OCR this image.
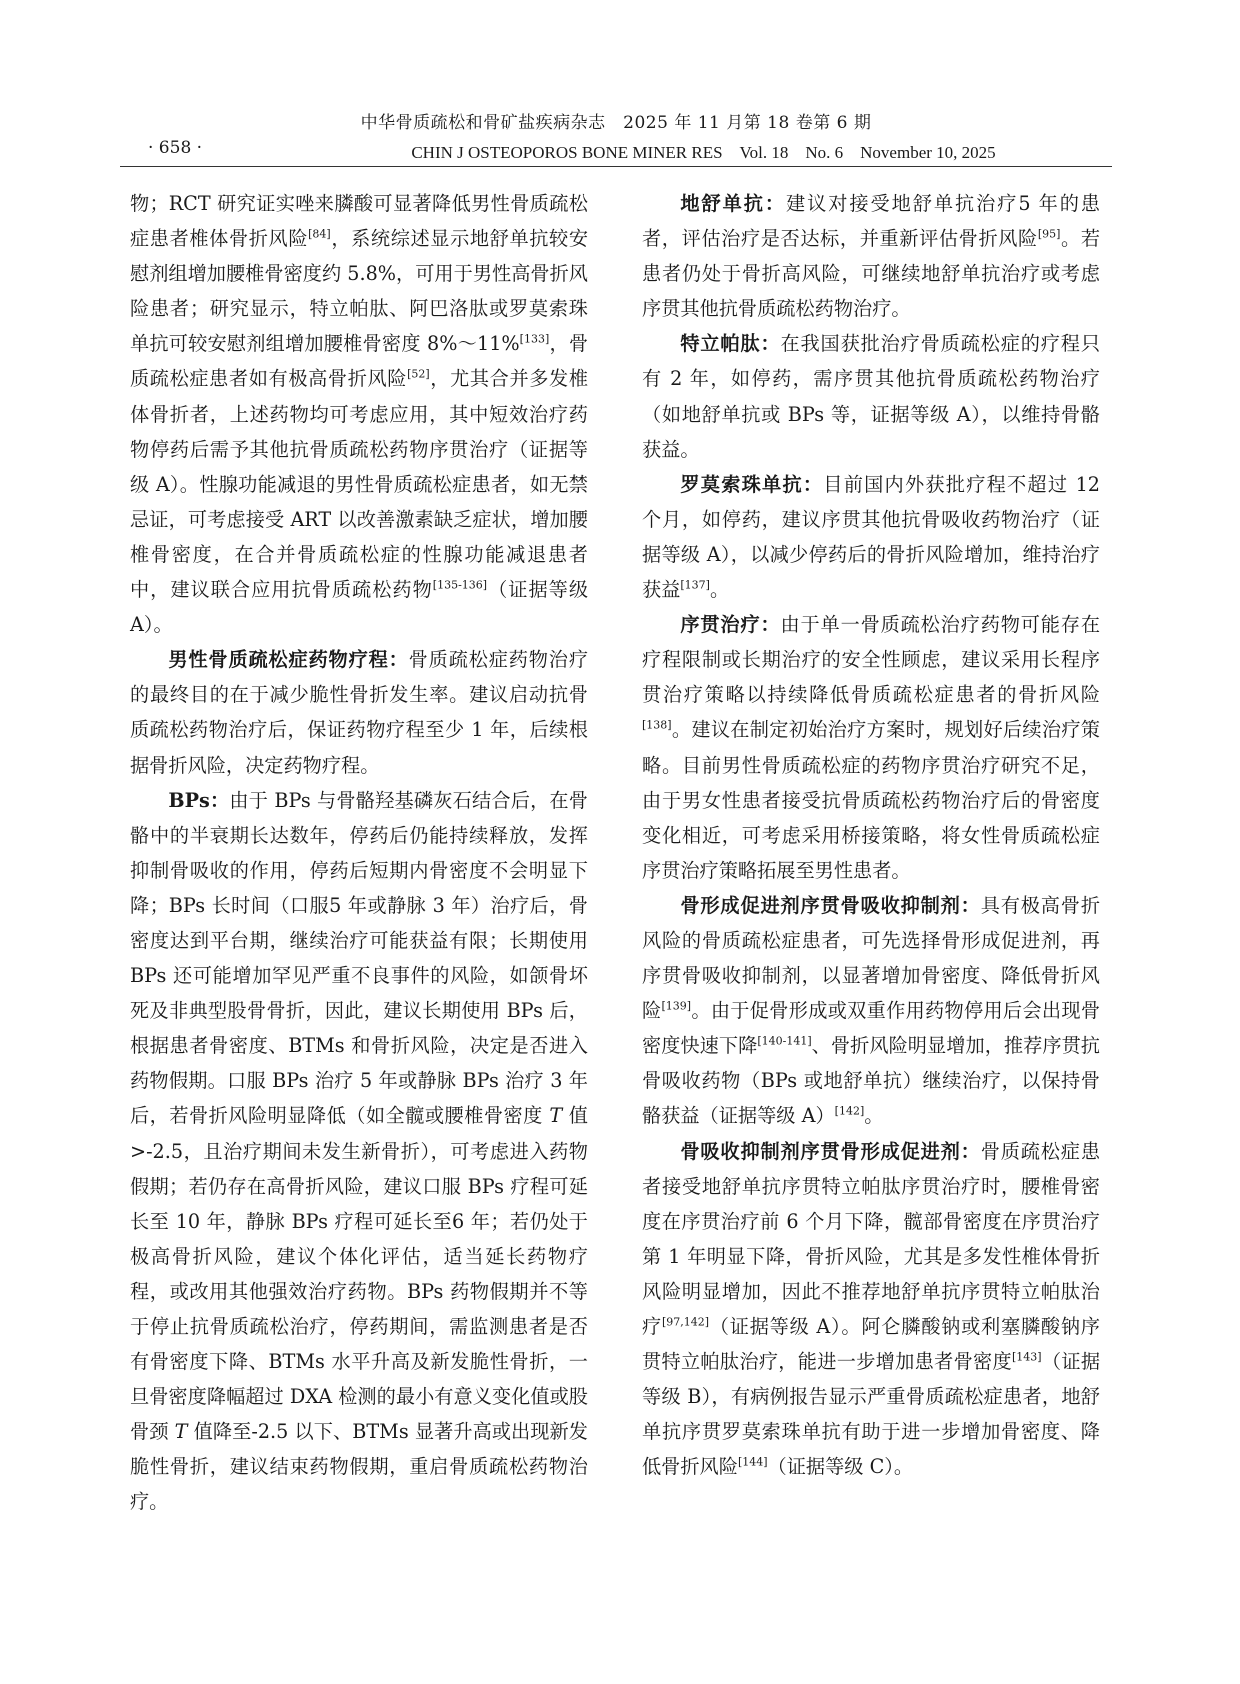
中华骨质疏松和骨矿盐疾病杂志　2025 年 11 月第 18 卷第 6 期
· 658 ·	CHIN J OSTEOPOROS BONE MINER RES　Vol. 18　No. 6　November 10, 2025

物；RCT 研究证实唑来膦酸可显著降低男性骨质疏松症患者椎体骨折风险[84]，系统综述显示地舒单抗较安慰剂组增加腰椎骨密度约 5.8%，可用于男性高骨折风险患者；研究显示，特立帕肽、阿巴洛肽或罗莫索珠单抗可较安慰剂组增加腰椎骨密度 8%～11%[133]，骨质疏松症患者如有极高骨折风险[52]，尤其合并多发椎体骨折者，上述药物均可考虑应用，其中短效治疗药物停药后需予其他抗骨质疏松药物序贯治疗（证据等级 A）。性腺功能减退的男性骨质疏松症患者，如无禁忌证，可考虑接受 ART 以改善激素缺乏症状，增加腰椎骨密度，在合并骨质疏松症的性腺功能减退患者中，建议联合应用抗骨质疏松药物[135-136]（证据等级 A）。

男性骨质疏松症药物疗程：骨质疏松症药物治疗的最终目的在于减少脆性骨折发生率。建议启动抗骨质疏松药物治疗后，保证药物疗程至少 1 年，后续根据骨折风险，决定药物疗程。

BPs：由于 BPs 与骨骼羟基磷灰石结合后，在骨骼中的半衰期长达数年，停药后仍能持续释放，发挥抑制骨吸收的作用，停药后短期内骨密度不会明显下降；BPs 长时间（口服5 年或静脉 3 年）治疗后，骨密度达到平台期，继续治疗可能获益有限；长期使用 BPs 还可能增加罕见严重不良事件的风险，如颌骨坏死及非典型股骨骨折，因此，建议长期使用 BPs 后，根据患者骨密度、BTMs 和骨折风险，决定是否进入药物假期。口服 BPs 治疗 5 年或静脉 BPs 治疗 3 年后，若骨折风险明显降低（如全髋或腰椎骨密度 T 值>-2.5，且治疗期间未发生新骨折），可考虑进入药物假期；若仍存在高骨折风险，建议口服 BPs 疗程可延长至 10 年，静脉 BPs 疗程可延长至6 年；若仍处于极高骨折风险，建议个体化评估，适当延长药物疗程，或改用其他强效治疗药物。BPs 药物假期并不等于停止抗骨质疏松治疗，停药期间，需监测患者是否有骨密度下降、BTMs 水平升高及新发脆性骨折，一旦骨密度降幅超过 DXA 检测的最小有意义变化值或股骨颈 T 值降至-2.5 以下、BTMs 显著升高或出现新发脆性骨折，建议结束药物假期，重启骨质疏松药物治疗。

地舒单抗：建议对接受地舒单抗治疗5 年的患者，评估治疗是否达标，并重新评估骨折风险[95]。若患者仍处于骨折高风险，可继续地舒单抗治疗或考虑序贯其他抗骨质疏松药物治疗。

特立帕肽：在我国获批治疗骨质疏松症的疗程只有 2 年，如停药，需序贯其他抗骨质疏松药物治疗（如地舒单抗或 BPs 等，证据等级 A），以维持骨骼获益。

罗莫索珠单抗：目前国内外获批疗程不超过 12 个月，如停药，建议序贯其他抗骨吸收药物治疗（证据等级 A），以减少停药后的骨折风险增加，维持治疗获益[137]。

序贯治疗：由于单一骨质疏松治疗药物可能存在疗程限制或长期治疗的安全性顾虑，建议采用长程序贯治疗策略以持续降低骨质疏松症患者的骨折风险[138]。建议在制定初始治疗方案时，规划好后续治疗策略。目前男性骨质疏松症的药物序贯治疗研究不足，由于男女性患者接受抗骨质疏松药物治疗后的骨密度变化相近，可考虑采用桥接策略，将女性骨质疏松症序贯治疗策略拓展至男性患者。

骨形成促进剂序贯骨吸收抑制剂：具有极高骨折风险的骨质疏松症患者，可先选择骨形成促进剂，再序贯骨吸收抑制剂，以显著增加骨密度、降低骨折风险[139]。由于促骨形成或双重作用药物停用后会出现骨密度快速下降[140-141]、骨折风险明显增加，推荐序贯抗骨吸收药物（BPs 或地舒单抗）继续治疗，以保持骨骼获益（证据等级 A）[142]。

骨吸收抑制剂序贯骨形成促进剂：骨质疏松症患者接受地舒单抗序贯特立帕肽序贯治疗时，腰椎骨密度在序贯治疗前 6 个月下降，髋部骨密度在序贯治疗第 1 年明显下降，骨折风险，尤其是多发性椎体骨折风险明显增加，因此不推荐地舒单抗序贯特立帕肽治疗[97,142]（证据等级 A）。阿仑膦酸钠或利塞膦酸钠序贯特立帕肽治疗，能进一步增加患者骨密度[143]（证据等级 B），有病例报告显示严重骨质疏松症患者，地舒单抗序贯罗莫索珠单抗有助于进一步增加骨密度、降低骨折风险[144]（证据等级 C）。
